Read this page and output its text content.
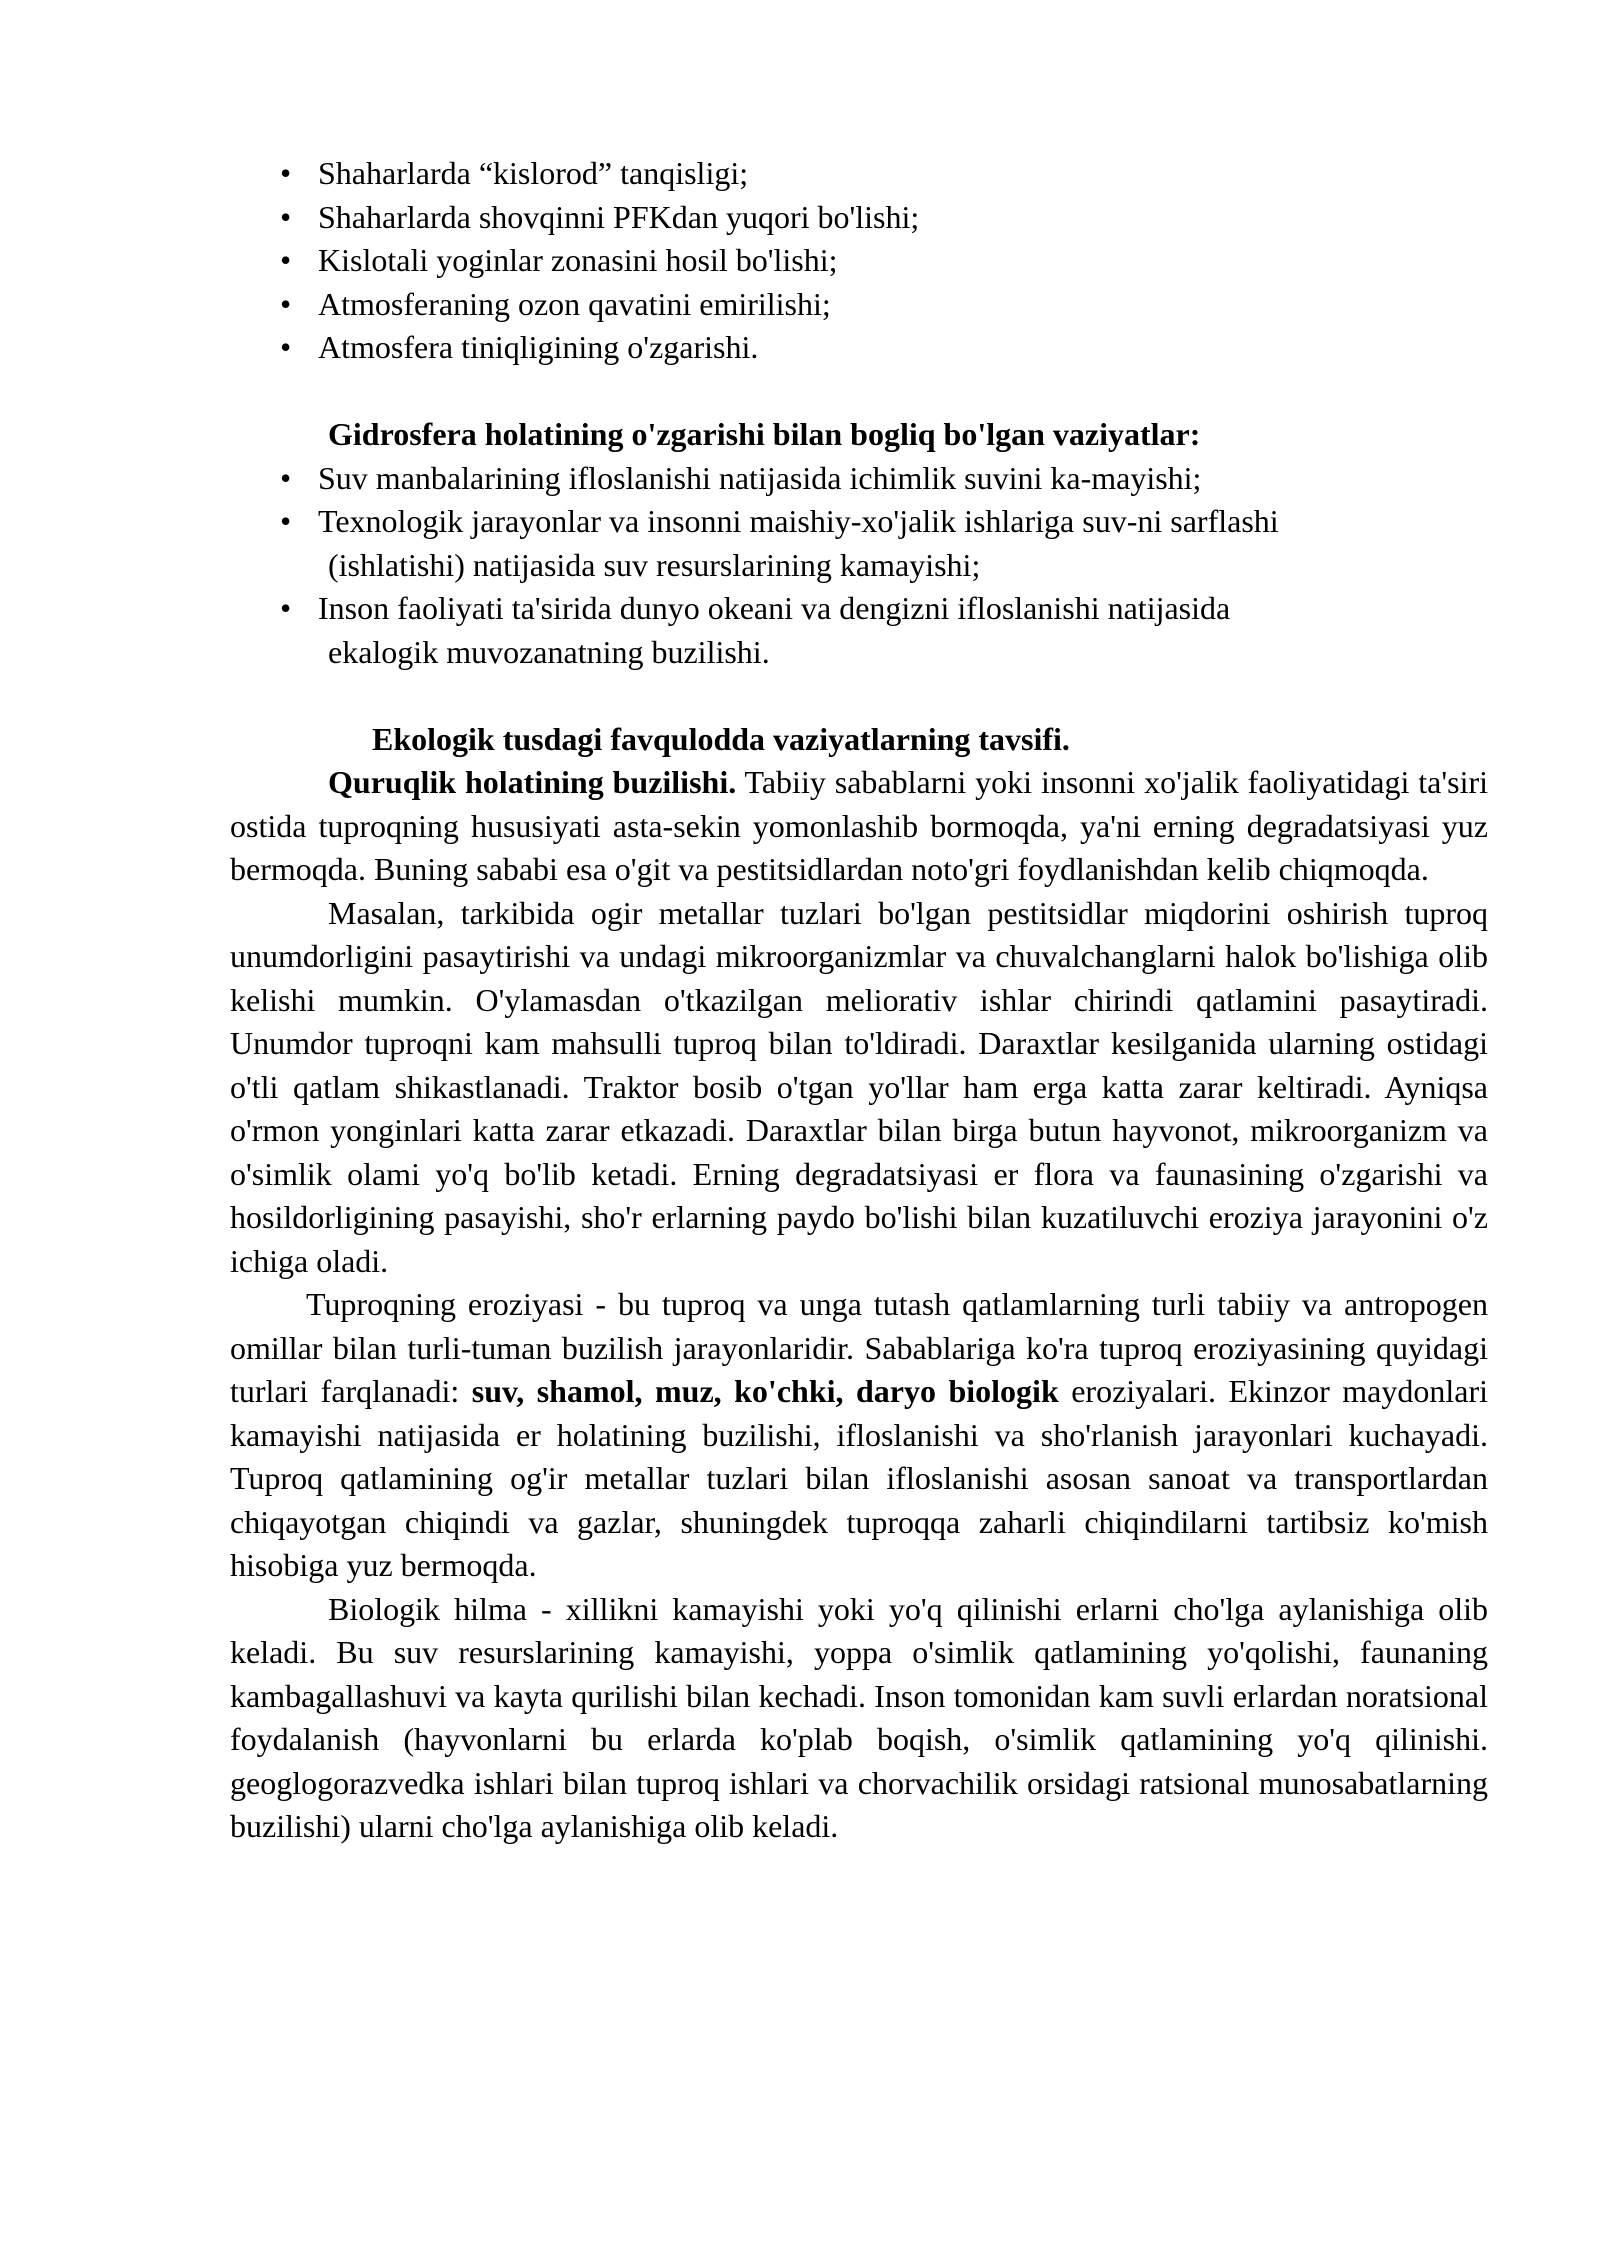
• Shaharlarda “kislorod” tanqisligi;
• Shaharlarda shovqinni PFKdan yuqori bo'lishi;
• Kislotali yoginlar zonasini hosil bo'lishi;
• Atmosferaning ozon qavatini emirilishi;
• Atmosfera tiniqligining o'zgarishi.
Gidrosfera holatining o'zgarishi bilan bogliq bo'lgan vaziyatlar:
• Suv manbalarining ifloslanishi natijasida ichimlik suvini ka-mayishi;
• Texnologik jarayonlar va insonni maishiy-xo'jalik ishlariga suv-ni sarflashi
(ishlatishi) natijasida suv resurslarining kamayishi;
• Inson faoliyati ta'sirida dunyo okeani va dengizni ifloslanishi natijasida
ekalogik muvozanatning buzilishi.
Ekologik tusdagi favqulodda vaziyatlarning tavsifi.

Quruqlik holatining buzilishi. Tabiiy sabablarni yoki insonni xo'jalik faoliyatidagi ta'siri ostida tuproqning hususiyati asta-sekin yomonlashib bormoqda, ya'ni erning degradatsiyasi yuz bermoqda. Buning sababi esa o'git va pestitsidlardan noto'gri foydlanishdan kelib chiqmoqda.

Masalan, tarkibida ogir metallar tuzlari bo'lgan pestitsidlar miqdorini oshirish tuproq unumdorligini pasaytirishi va undagi mikroorganizmlar va chuvalchanglarni halok bo'lishiga olib kelishi mumkin. O'ylamasdan o'tkazilgan meliorativ ishlar chirindi qatlamini pasaytiradi. Unumdor tuproqni kam mahsulli tuproq bilan to'ldiradi. Daraxtlar kesilganida ularning ostidagi o'tli qatlam shikastlanadi. Traktor bosib o'tgan yo'llar ham erga katta zarar keltiradi. Ayniqsa o'rmon yonginlari katta zarar etkazadi. Daraxtlar bilan birga butun hayvonot, mikroorganizm va o'simlik olami yo'q bo'lib ketadi. Erning degradatsiyasi er flora va faunasining o'zgarishi va hosildorligining pasayishi, sho'r erlarning paydo bo'lishi bilan kuzatiluvchi eroziya jarayonini o'z ichiga oladi.

Tuproqning eroziyasi - bu tuproq va unga tutash qatlamlarning turli tabiiy va antropogen omillar bilan turli-tuman buzilish jarayonlaridir. Sabablariga ko'ra tuproq eroziyasining quyidagi turlari farqlanadi: suv, shamol, muz, ko'chki, daryo biologik eroziyalari. Ekinzor maydonlari kamayishi natijasida er holatining buzilishi, ifloslanishi va sho'rlanish jarayonlari kuchayadi. Tuproq qatlamining og'ir metallar tuzlari bilan ifloslanishi asosan sanoat va transportlardan chiqayotgan chiqindi va gazlar, shuningdek tuproqqa zaharli chiqindilarni tartibsiz ko'mish hisobiga yuz bermoqda.

Biologik hilma - xillikni kamayishi yoki yo'q qilinishi erlarni cho'lga aylanishiga olib keladi. Bu suv resurslarining kamayishi, yoppa o'simlik qatlamining yo'qolishi, faunaning kambagallashuvi va kayta qurilishi bilan kechadi. Inson tomonidan kam suvli erlardan noratsional foydalanish (hayvonlarni bu erlarda ko'plab boqish, o'simlik qatlamining yo'q qilinishi. geoglogorazvedka ishlari bilan tuproq ishlari va chorvachilik orsidagi ratsional munosabatlarning buzilishi) ularni cho'lga aylanishiga olib keladi.
